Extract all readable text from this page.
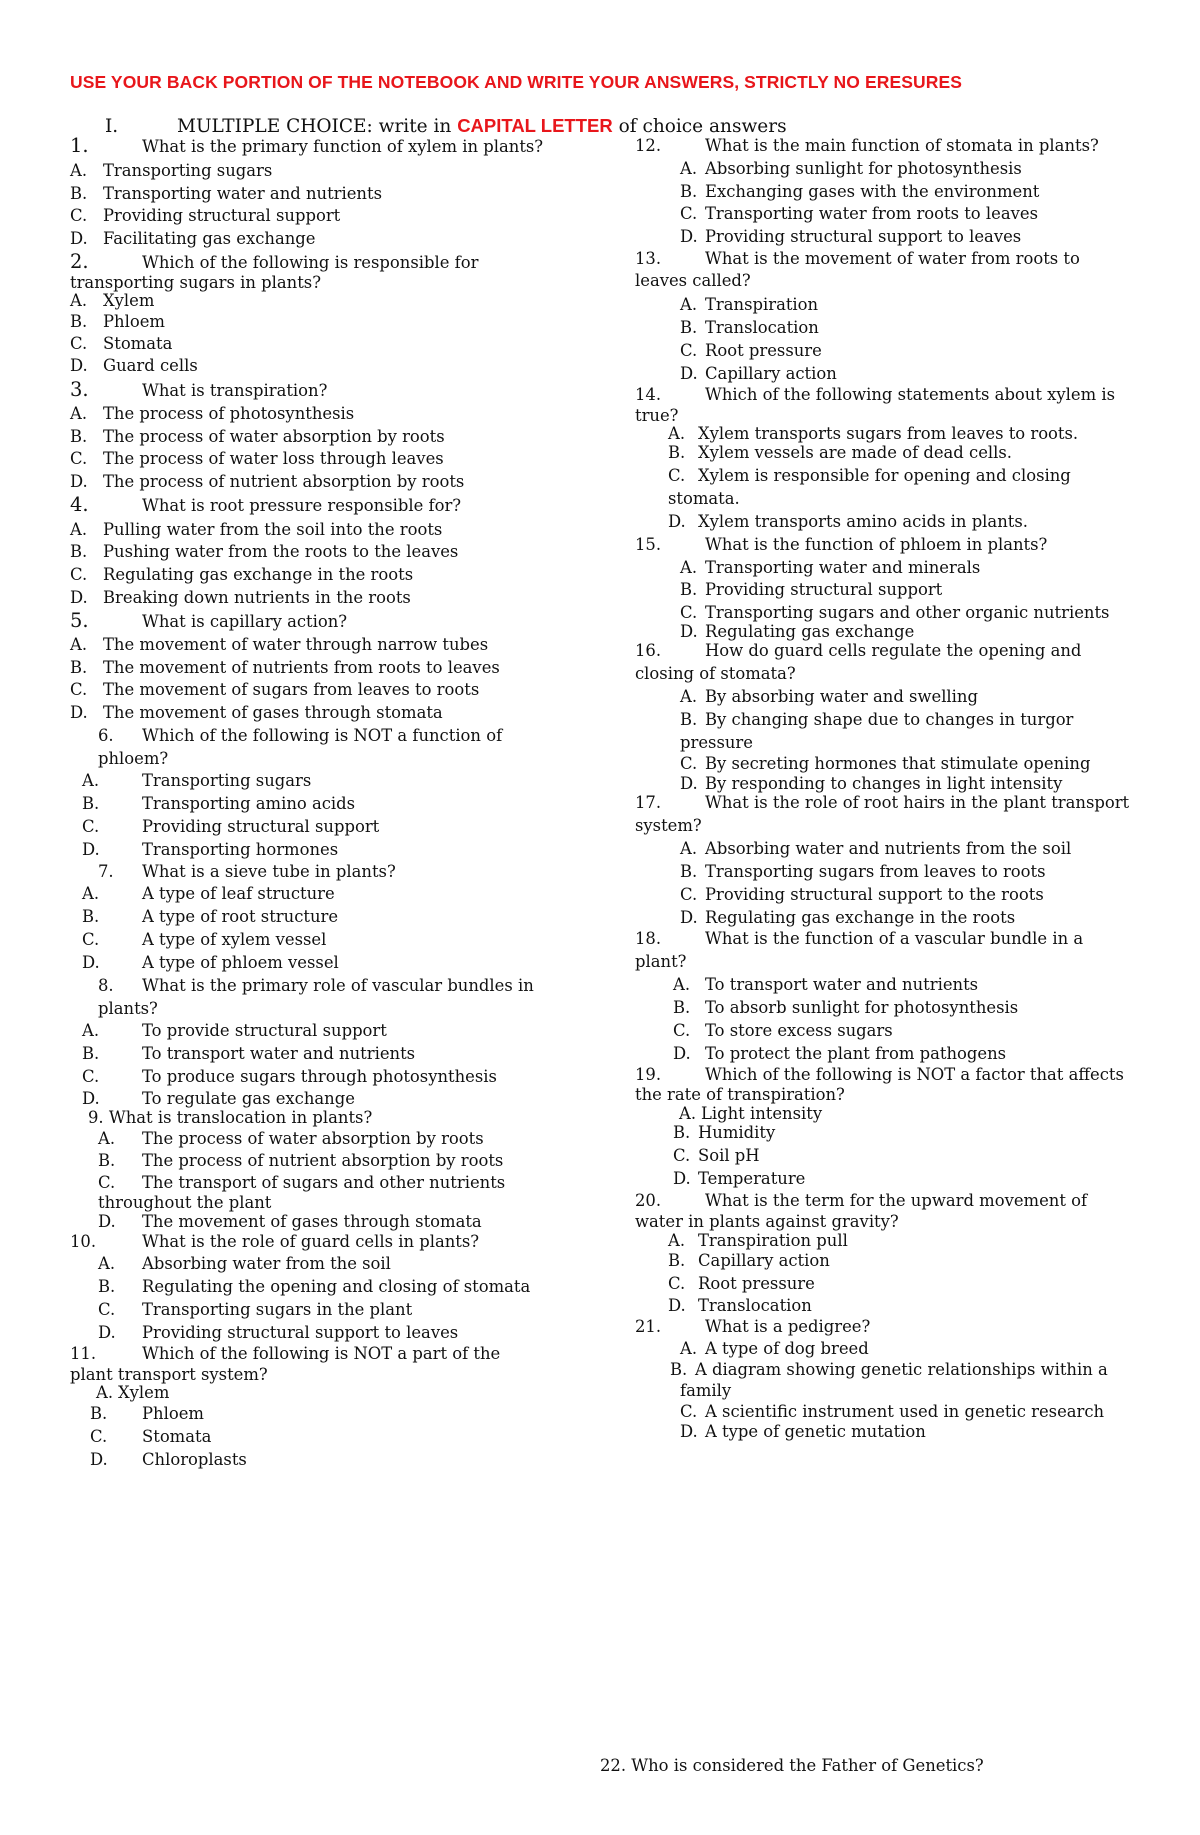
USE YOUR BACK PORTION OF THE NOTEBOOK AND WRITE YOUR ANSWERS, STRICTLY NO ERESURES
I.	MULTIPLE CHOICE: write in CAPITAL LETTER of choice answers
1.	What is the primary function of xylem in plants?
A. Transporting sugars
B. Transporting water and nutrients
C. Providing structural support
D. Facilitating gas exchange
2.	Which of the following is responsible for
transporting sugars in plants?
A. Xylem
B. Phloem
C. Stomata
D. Guard cells
3.	What is transpiration?
A. The process of photosynthesis
B. The process of water absorption by roots
C. The process of water loss through leaves
D. The process of nutrient absorption by roots
4.	What is root pressure responsible for?
A. Pulling water from the soil into the roots
B. Pushing water from the roots to the leaves
C. Regulating gas exchange in the roots
D. Breaking down nutrients in the roots
5.	What is capillary action?
A. The movement of water through narrow tubes
B. The movement of nutrients from roots to leaves
C. The movement of sugars from leaves to roots
D. The movement of gases through stomata
6. Which of the following is NOT a function of
phloem?
A.	Transporting sugars
B.	Transporting amino acids
C.	Providing structural support
D.	Transporting hormones
7. What is a sieve tube in plants?
A.	A type of leaf structure
B.	A type of root structure
C.	A type of xylem vessel
D.	A type of phloem vessel
8. What is the primary role of vascular bundles in
plants?
A.	To provide structural support
B.	To transport water and nutrients
C.	To produce sugars through photosynthesis
D.	To regulate gas exchange
9. What is translocation in plants?
A. The process of water absorption by roots
B. The process of nutrient absorption by roots
C. The transport of sugars and other nutrients
throughout the plant
D. The movement of gases through stomata
10.	What is the role of guard cells in plants?
A. Absorbing water from the soil
B. Regulating the opening and closing of stomata
C. Transporting sugars in the plant
D. Providing structural support to leaves
11.	Which of the following is NOT a part of the
plant transport system?
A. Xylem
B. Phloem
C. Stomata
D. Chloroplasts
12.	What is the main function of stomata in plants?
A. Absorbing sunlight for photosynthesis
B. Exchanging gases with the environment
C. Transporting water from roots to leaves
D. Providing structural support to leaves
13.	What is the movement of water from roots to
leaves called?
A. Transpiration
B. Translocation
C. Root pressure
D. Capillary action
14.	Which of the following statements about xylem is
true?
A. Xylem transports sugars from leaves to roots.
B. Xylem vessels are made of dead cells.
C. Xylem is responsible for opening and closing
stomata.
D. Xylem transports amino acids in plants.
15.	What is the function of phloem in plants?
A. Transporting water and minerals
B. Providing structural support
C. Transporting sugars and other organic nutrients
D. Regulating gas exchange
16.	How do guard cells regulate the opening and
closing of stomata?
A. By absorbing water and swelling
B. By changing shape due to changes in turgor
pressure
C. By secreting hormones that stimulate opening
D. By responding to changes in light intensity
17.	What is the role of root hairs in the plant transport
system?
A. Absorbing water and nutrients from the soil
B. Transporting sugars from leaves to roots
C. Providing structural support to the roots
D. Regulating gas exchange in the roots
18.	What is the function of a vascular bundle in a
plant?
A. To transport water and nutrients
B. To absorb sunlight for photosynthesis
C. To store excess sugars
D. To protect the plant from pathogens
19.	Which of the following is NOT a factor that affects
the rate of transpiration?
A. Light intensity
B. Humidity
C. Soil pH
D. Temperature
20.	What is the term for the upward movement of
water in plants against gravity?
A. Transpiration pull
B. Capillary action
C. Root pressure
D. Translocation
21.	What is a pedigree?
A. A type of dog breed
B. A diagram showing genetic relationships within a
family
C. A scientific instrument used in genetic research
D. A type of genetic mutation
22. Who is considered the Father of Genetics?
